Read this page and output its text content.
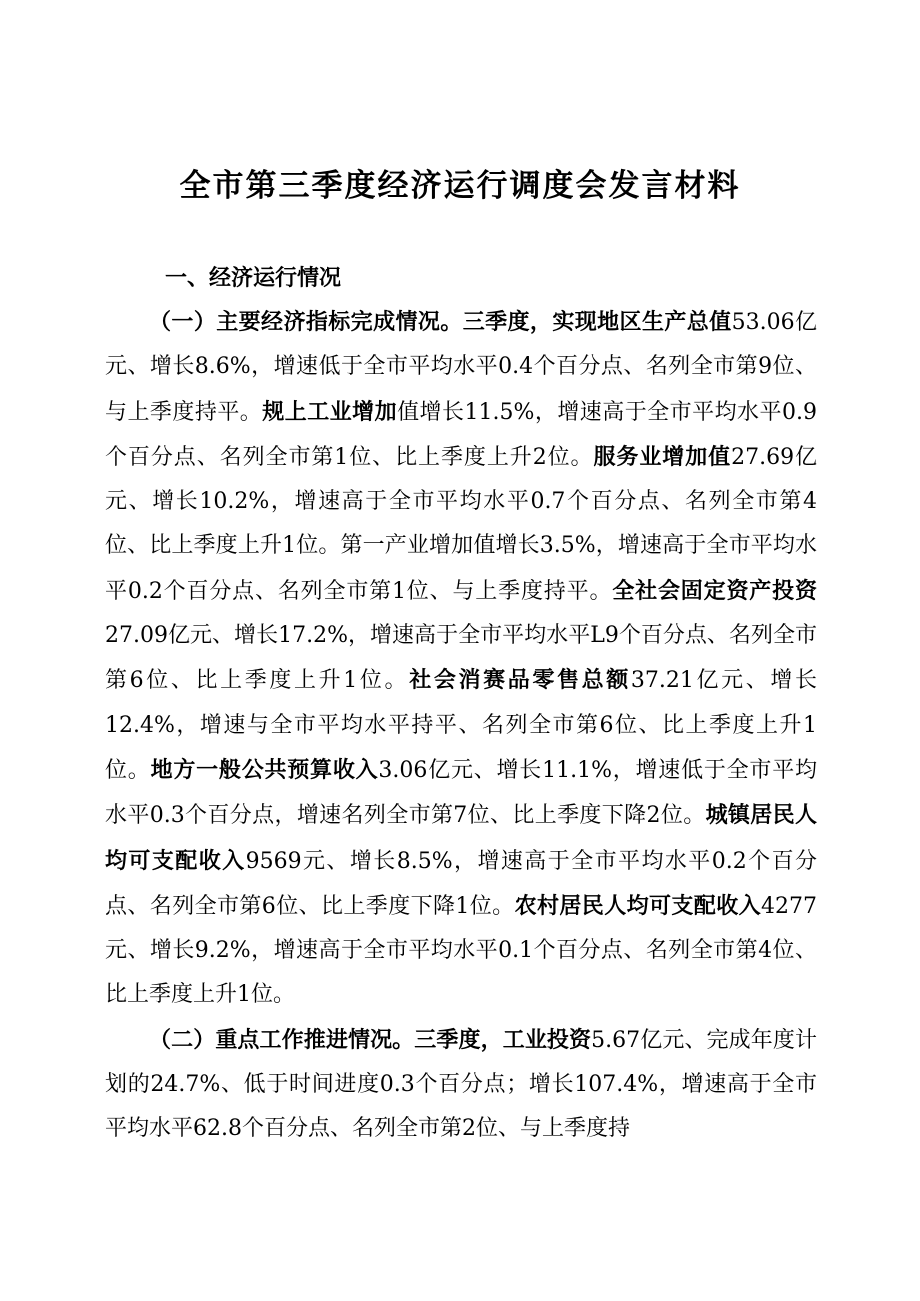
全市第三季度经济运行调度会发言材料
一、经济运行情况

（一）主要经济指标完成情况。三季度，实现地区生产总值53.06亿元、增长8.6%，增速低于全市平均水平0.4个百分点、名列全市第9位、与上季度持平。规上工业增加值增长11.5%，增速高于全市平均水平0.9个百分点、名列全市第1位、比上季度上升2位。服务业增加值27.69亿元、增长10.2%，增速高于全市平均水平0.7个百分点、名列全市第4位、比上季度上升1位。第一产业增加值增长3.5%，增速高于全市平均水平0.2个百分点、名列全市第1位、与上季度持平。全社会固定资产投资27.09亿元、增长17.2%，增速高于全市平均水平L9个百分点、名列全市第6位、比上季度上升1位。社会消赛品零售总额37.21亿元、增长12.4%，增速与全市平均水平持平、名列全市第6位、比上季度上升1位。地方一般公共预算收入3.06亿元、增长11.1%，增速低于全市平均水平0.3个百分点，增速名列全市第7位、比上季度下降2位。城镇居民人均可支配收入9569元、增长8.5%，增速高于全市平均水平0.2个百分点、名列全市第6位、比上季度下降1位。农村居民人均可支配收入4277元、增长9.2%，增速高于全市平均水平0.1个百分点、名列全市第4位、比上季度上升1位。

（二）重点工作推进情况。三季度，工业投资5.67亿元、完成年度计划的24.7%、低于时间进度0.3个百分点；增长107.4%，增速高于全市平均水平62.8个百分点、名列全市第2位、与上季度持
